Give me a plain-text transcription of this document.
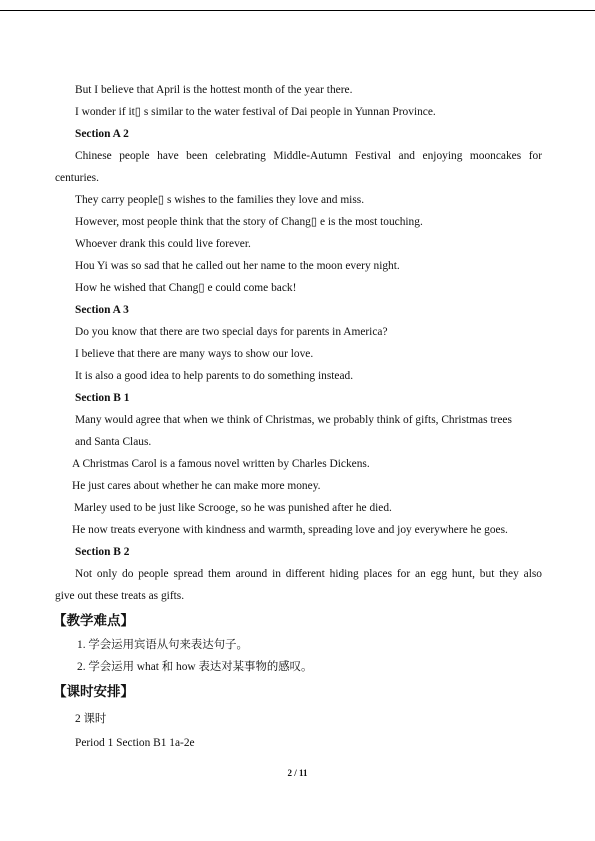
But I believe that April is the hottest month of the year there.
I wonder if it▯ s similar to the water festival of Dai people in Yunnan Province.
Section A 2
Chinese people have been celebrating Middle-Autumn Festival and enjoying mooncakes for
centuries.
They carry people▯ s wishes to the families they love and miss.
However, most people think that the story of Chang▯ e is the most touching.
Whoever drank this could live forever.
Hou Yi was so sad that he called out her name to the moon every night.
How he wished that Chang▯ e could come back!
Section A 3
Do you know that there are two special days for parents in America?
I believe that there are many ways to show our love.
It is also a good idea to help parents to do something instead.
Section B 1
Many would agree that when we think of Christmas, we probably think of gifts, Christmas trees
and Santa Claus.
A Christmas Carol is a famous novel written by Charles Dickens.
He just cares about whether he can make more money.
Marley used to be just like Scrooge, so he was punished after he died.
He now treats everyone with kindness and warmth, spreading love and joy everywhere he goes.
Section B 2
Not only do people spread them around in different hiding places for an egg hunt, but they also
give out these treats as gifts.
【教学难点】
1. 学会运用宾语从句来表达句子。
2. 学会运用 what 和 how 表达对某事物的感叹。
【课时安排】
2 课时
Period 1 Section B1 1a-2e
2 / 11
